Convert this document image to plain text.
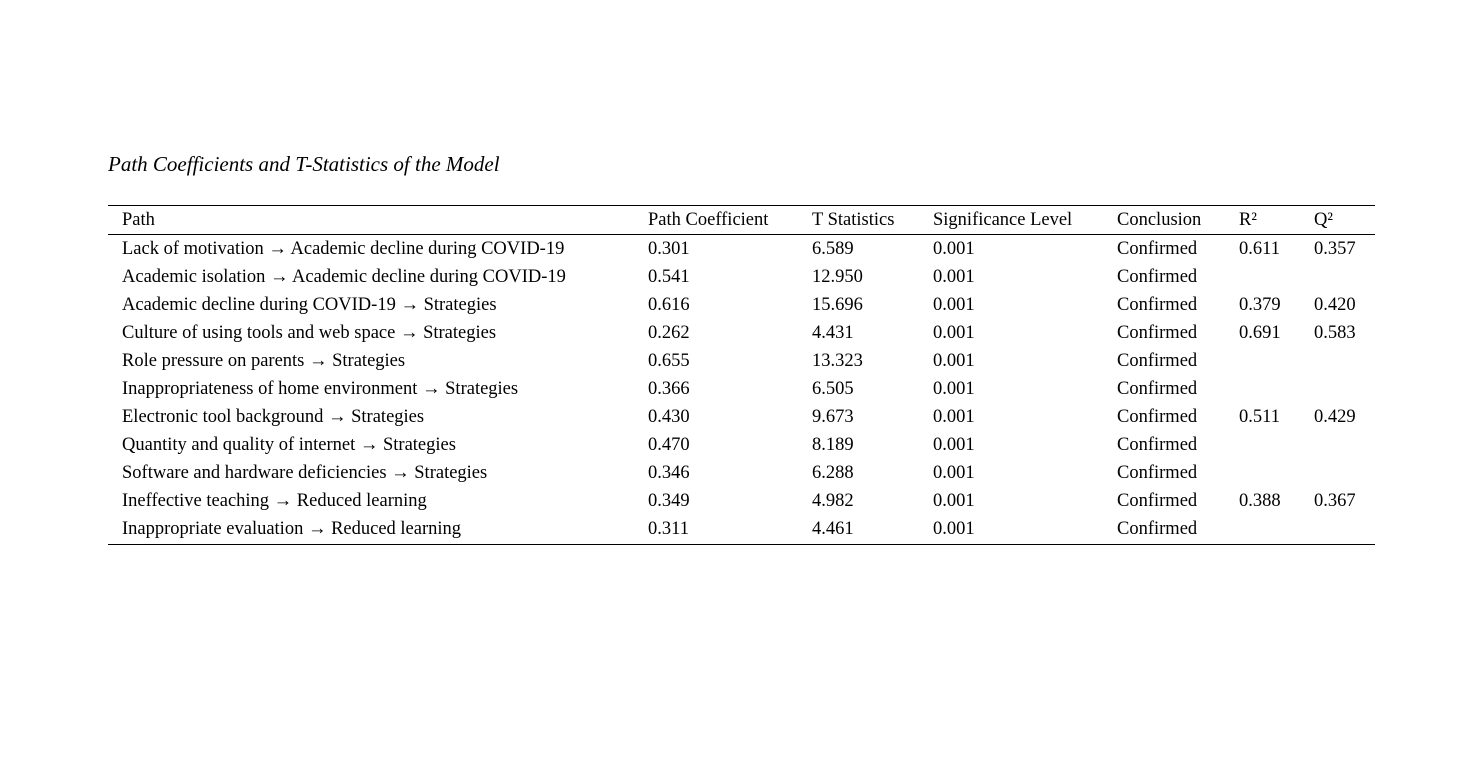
Path Coefficients and T-Statistics of the Model
Path	Path Coefficient	T Statistics	Significance Level	Conclusion	R²	Q²
Lack of motivation → Academic decline during COVID-19	0.301	6.589	0.001	Confirmed	0.611	0.357
Academic isolation → Academic decline during COVID-19	0.541	12.950	0.001	Confirmed		
Academic decline during COVID-19 → Strategies	0.616	15.696	0.001	Confirmed	0.379	0.420
Culture of using tools and web space → Strategies	0.262	4.431	0.001	Confirmed	0.691	0.583
Role pressure on parents → Strategies	0.655	13.323	0.001	Confirmed		
Inappropriateness of home environment → Strategies	0.366	6.505	0.001	Confirmed		
Electronic tool background → Strategies	0.430	9.673	0.001	Confirmed	0.511	0.429
Quantity and quality of internet → Strategies	0.470	8.189	0.001	Confirmed		
Software and hardware deficiencies → Strategies	0.346	6.288	0.001	Confirmed		
Ineffective teaching → Reduced learning	0.349	4.982	0.001	Confirmed	0.388	0.367
Inappropriate evaluation → Reduced learning	0.311	4.461	0.001	Confirmed		
